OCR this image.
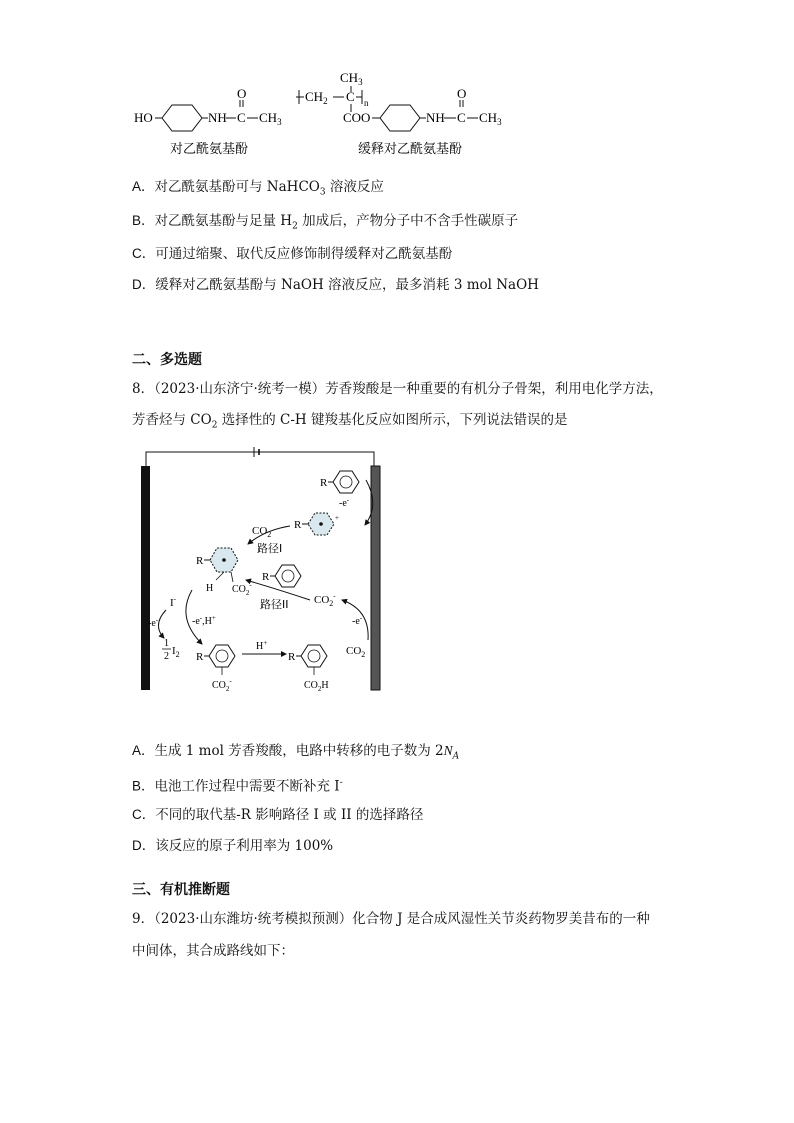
HO	NH C
O
$CH_3$
对乙酰氨基酚
$CH_3$
$CH_2$ C n
COO	NH C
O
$CH_3$
缓释对乙酰氨基酚
A．对乙酰氨基酚可与 NaHCO$_3$ 溶液反应
B．对乙酰氨基酚与足量 $H_2$ 加成后，产物分子中不含手性碳原子
C．可通过缩聚、取代反应修饰制得缓释对乙酰氨基酚
D．缓释对乙酰氨基酚与 NaOH 溶液反应，最多消耗 3 mol NaOH
二、多选题
8．（2023·山东济宁·统考一模）芳香羧酸是一种重要的有机分子骨架，利用电化学方法，
芳香烃与 $CO_2$ 选择性的 C-H 键羧基化反应如图所示，下列说法错误的是
R
-e-
R
+
$CO_2$
路径I
R
H $CO_2^-$
R
路径II $CO_2^-$
-e-
$CO_2$
I-
-e-
1
2 $I_2$
-e-,H+
R
$CO_2^-$
H+
R
$CO_2H$
A．生成 1 mol 芳香羧酸，电路中转移的电子数为 $2N_A$
B．电池工作过程中需要不断补充 I-
C．不同的取代基-R 影响路径 I 或 II 的选择路径
D．该反应的原子利用率为 100%
三、有机推断题
9．（2023·山东潍坊·统考模拟预测）化合物 J 是合成风湿性关节炎药物罗美昔布的一种
中间体，其合成路线如下：
